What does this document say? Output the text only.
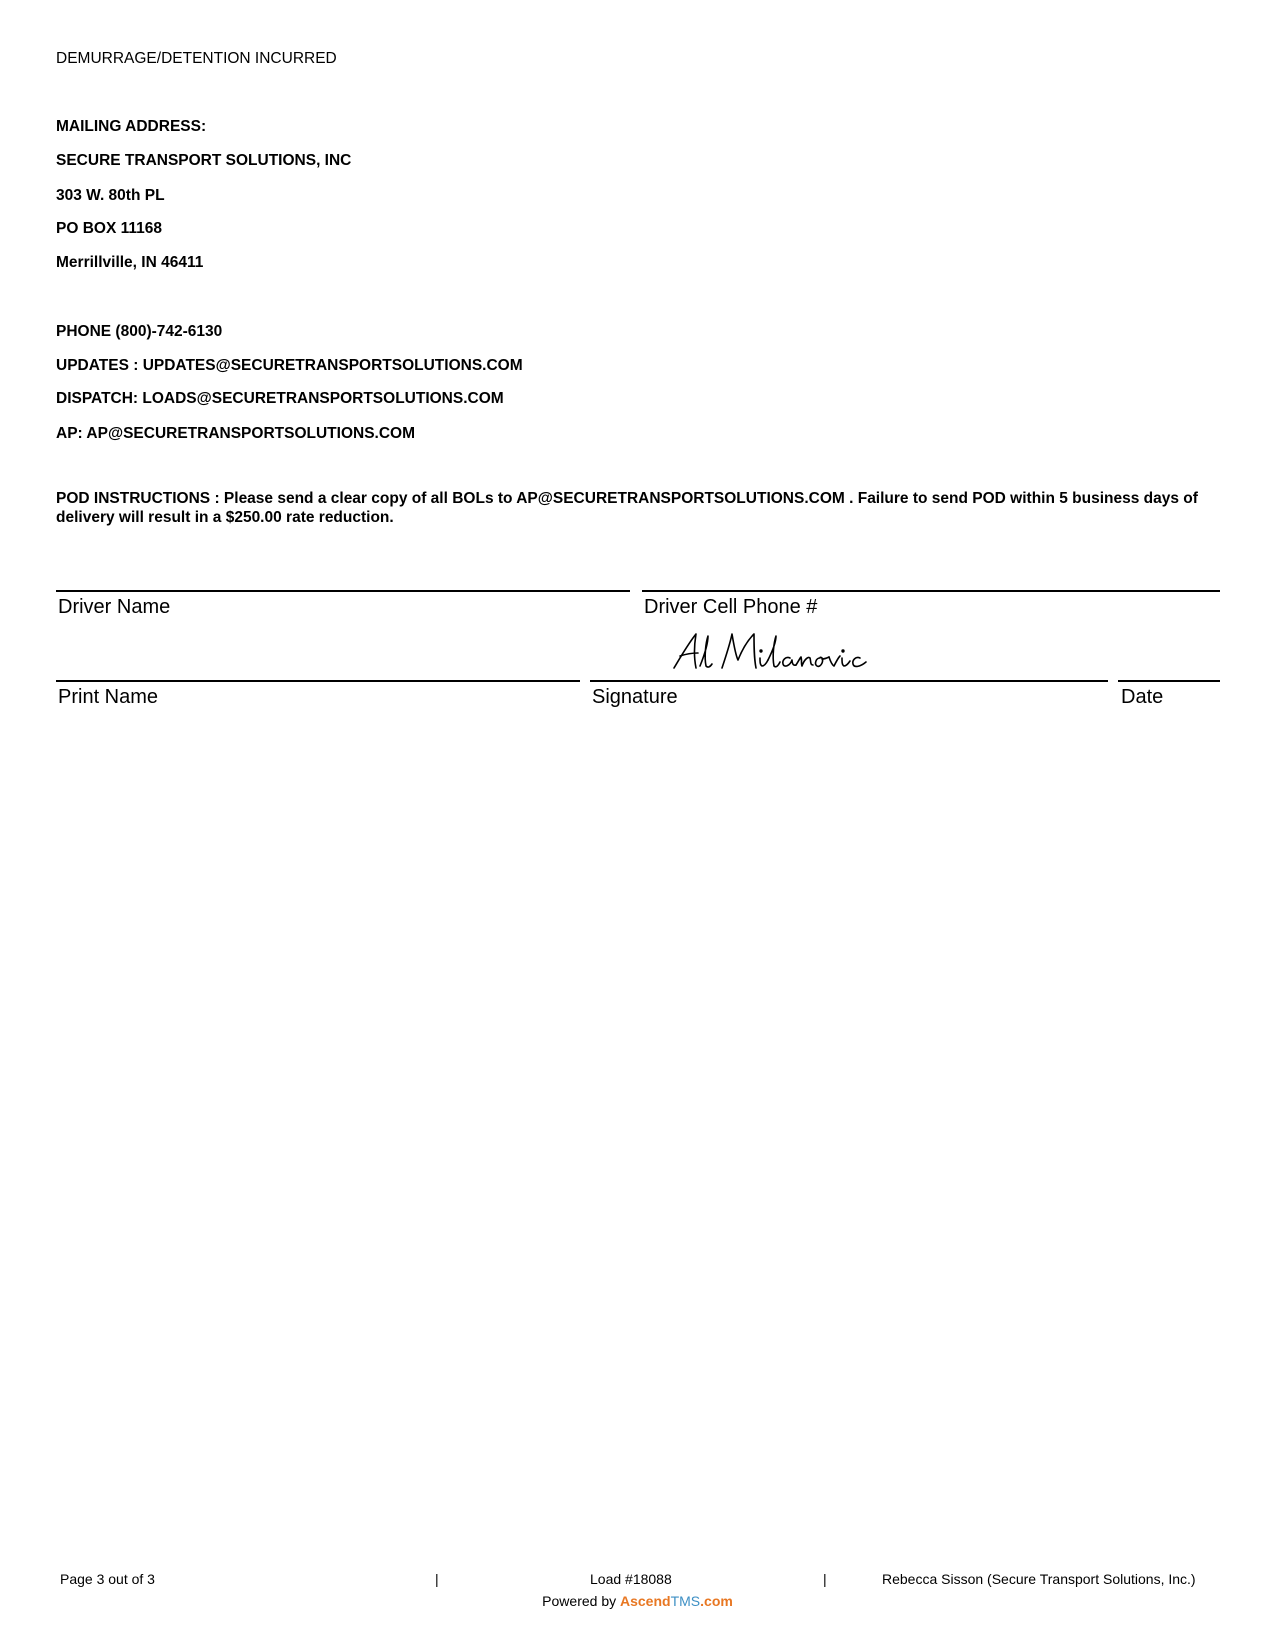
DEMURRAGE/DETENTION INCURRED
MAILING ADDRESS:
SECURE TRANSPORT SOLUTIONS, INC
303 W. 80th PL
PO BOX 11168
Merrillville, IN 46411
PHONE (800)-742-6130
UPDATES : UPDATES@SECURETRANSPORTSOLUTIONS.COM
DISPATCH: LOADS@SECURETRANSPORTSOLUTIONS.COM
AP: AP@SECURETRANSPORTSOLUTIONS.COM
POD INSTRUCTIONS : Please send a clear copy of all BOLs to AP@SECURETRANSPORTSOLUTIONS.COM . Failure to send POD within 5 business days of delivery will result in a $250.00 rate reduction.
Driver Name	Driver Cell Phone #
Print Name	Signature	Date
Page 3 out of 3	|	Load #18088	|	Rebecca Sisson (Secure Transport Solutions, Inc.)
Powered by AscendTMS.com
